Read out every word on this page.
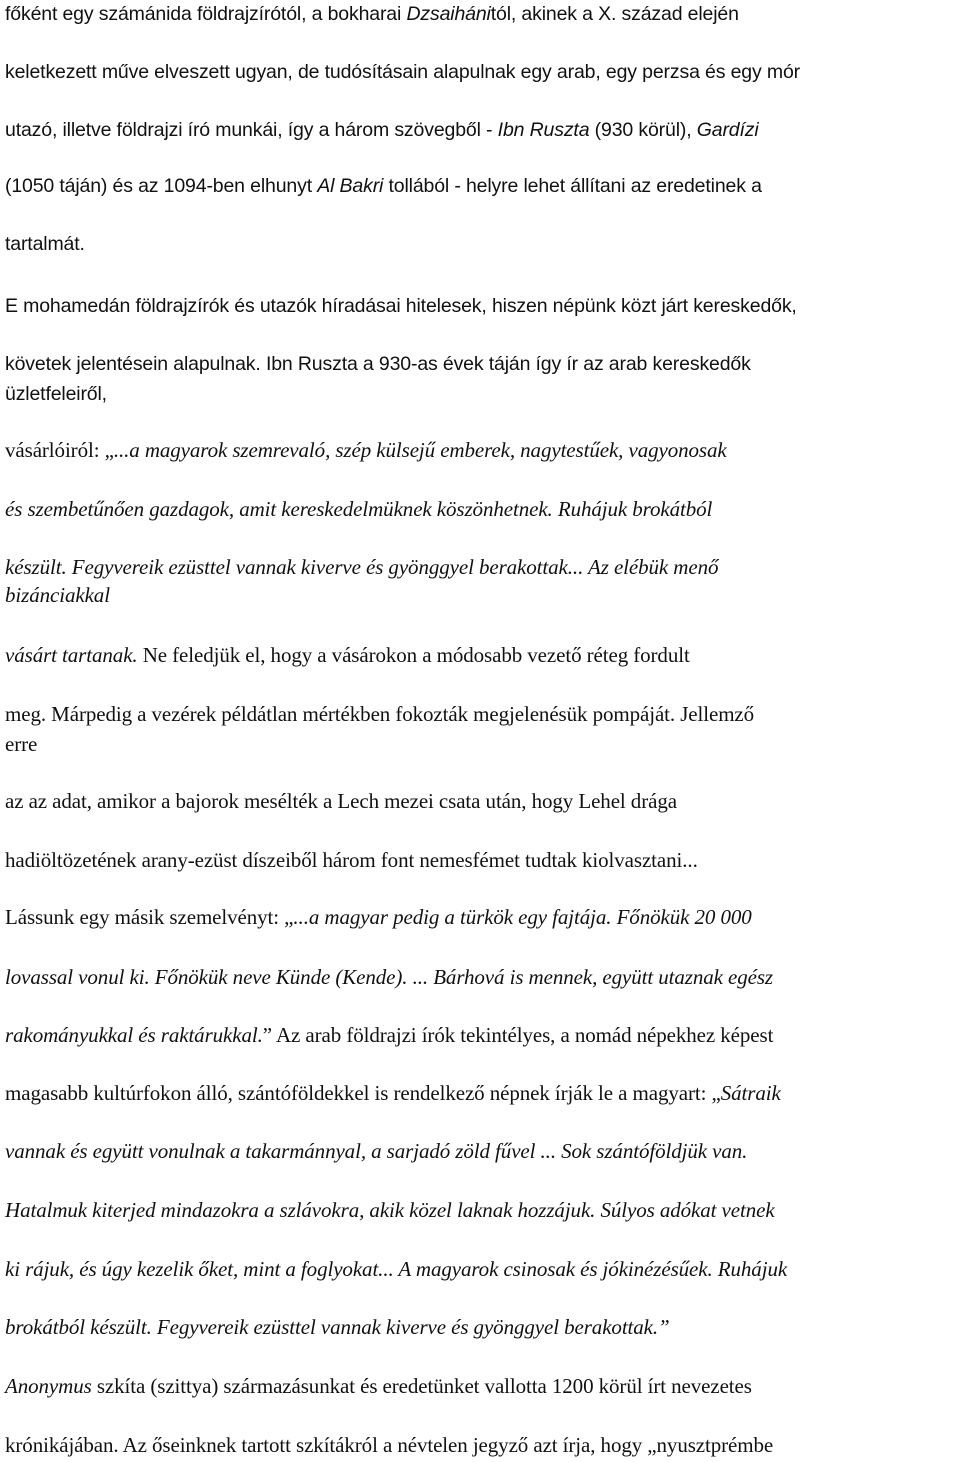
főként egy számánida földrajzírótól, a bokharai Dzsaihánitól, akinek a X. század elején
keletkezett műve elveszett ugyan, de tudósításain alapulnak egy arab, egy perzsa és egy mór
utazó, illetve földrajzi író munkái, így a három szövegből - Ibn Ruszta (930 körül), Gardízi
(1050 táján) és az 1094-ben elhunyt Al Bakri tollából - helyre lehet állítani az eredetinek a
tartalmát.
E mohamedán földrajzírók és utazók híradásai hitelesek, hiszen népünk közt járt kereskedők,
követek jelentésein alapulnak. Ibn Ruszta a 930-as évek táján így ír az arab kereskedők
üzletfeleiről,
vásárlóiról: „...a magyarok szemrevaló, szép külsejű emberek, nagytestűek, vagyonosak
és szembetűnően gazdagok, amit kereskedelmüknek köszönhetnek. Ruhájuk brokátból
készült. Fegyvereik ezüsttel vannak kiverve és gyönggyel berakottak... Az elébük menő
bizánciakkal
vásárt tartanak. Ne feledjük el, hogy a vásárokon a módosabb vezető réteg fordult
meg. Márpedig a vezérek példátlan mértékben fokozták megjelenésük pompáját. Jellemző
erre
az az adat, amikor a bajorok mesélték a Lech mezei csata után, hogy Lehel drága
hadiöltözetének arany-ezüst díszeiből három font nemesfémet tudtak kiolvasztani...
Lássunk egy másik szemelvényt: „...a magyar pedig a türkök egy fajtája. Főnökük 20 000
lovassal vonul ki. Főnökük neve Künde (Kende). ... Bárhová is mennek, együtt utaznak egész
rakományukkal és raktárukkal.” Az arab földrajzi írók tekintélyes, a nomád népekhez képest
magasabb kultúrfokon álló, szántóföldekkel is rendelkező népnek írják le a magyart: „Sátraik
vannak és együtt vonulnak a takarmánnyal, a sarjadó zöld fűvel ... Sok szántóföldjük van.
Hatalmuk kiterjed mindazokra a szlávokra, akik közel laknak hozzájuk. Súlyos adókat vetnek
ki rájuk, és úgy kezelik őket, mint a foglyokat... A magyarok csinosak és jókinézésűek. Ruhájuk
brokátból készült. Fegyvereik ezüsttel vannak kiverve és gyönggyel berakottak.”
Anonymus szkíta (szittya) származásunkat és eredetünket vallotta 1200 körül írt nevezetes
krónikájában. Az őseinknek tartott szkítákról a névtelen jegyző azt írja, hogy „nyusztprémbe
